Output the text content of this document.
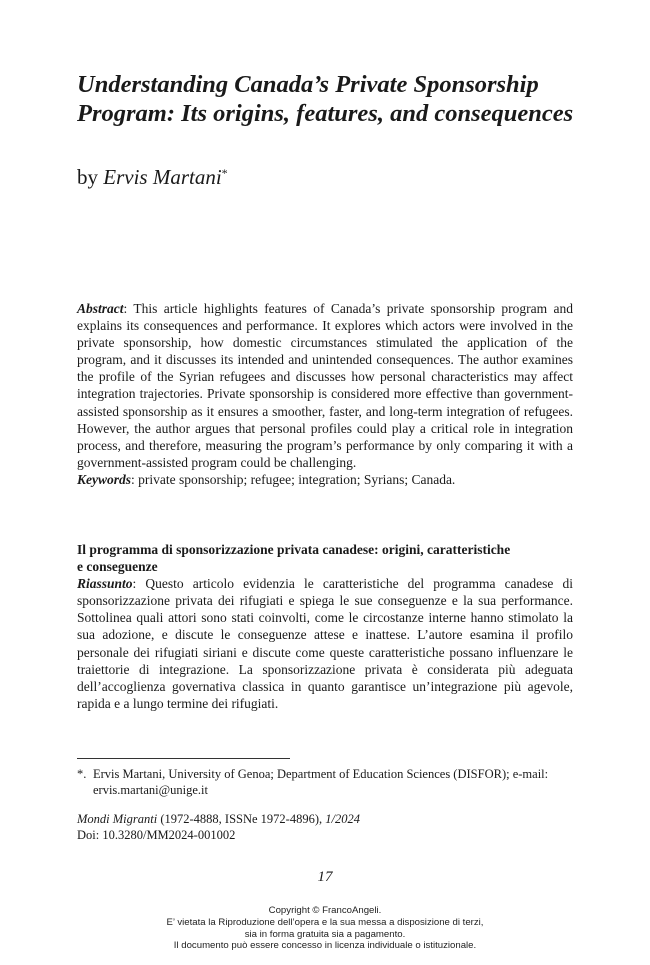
Understanding Canada’s Private Sponsorship
Program: Its origins, features, and consequences
by Ervis Martani*

Abstract: This article highlights features of Canada’s private sponsorship program and explains its consequences and performance. It explores which actors were involved in the private sponsorship, how domestic circumstances stimulated the application of the program, and it discusses its intended and unintended consequences. The author examines the profile of the Syrian refugees and discusses how personal characteristics may affect integration trajectories. Private sponsorship is considered more effective than government-assisted sponsorship as it ensures a smoother, faster, and long-term integration of refugees. However, the author argues that personal profiles could play a critical role in integration process, and therefore, measuring the program’s performance by only comparing it with a government-assisted program could be challenging.

Keywords: private sponsorship; refugee; integration; Syrians; Canada.

Il programma di sponsorizzazione privata canadese: origini, caratteristiche
e conseguenze

Riassunto: Questo articolo evidenzia le caratteristiche del programma canadese di sponsorizzazione privata dei rifugiati e spiega le sue conseguenze e la sua performance. Sottolinea quali attori sono stati coinvolti, come le circostanze interne hanno stimolato la sua adozione, e discute le conseguenze attese e inattese. L’autore esamina il profilo personale dei rifugiati siriani e discute come queste caratteristiche possano influenzare le traiettorie di integrazione. La sponsorizzazione privata è considerata più adeguata dell’accoglienza governativa classica in quanto garantisce un’integrazione più agevole, rapida e a lungo termine dei rifugiati.

*. Ervis Martani, University of Genoa; Department of Education Sciences (DISFOR); e-mail:
ervis.martani@unige.it
Mondi Migranti (1972-4888, ISSNe 1972-4896), 1/2024
Doi: 10.3280/MM2024-001002
17
Copyright © FrancoAngeli.
E’ vietata la Riproduzione dell’opera e la sua messa a disposizione di terzi,
sia in forma gratuita sia a pagamento.
Il documento può essere concesso in licenza individuale o istituzionale.
